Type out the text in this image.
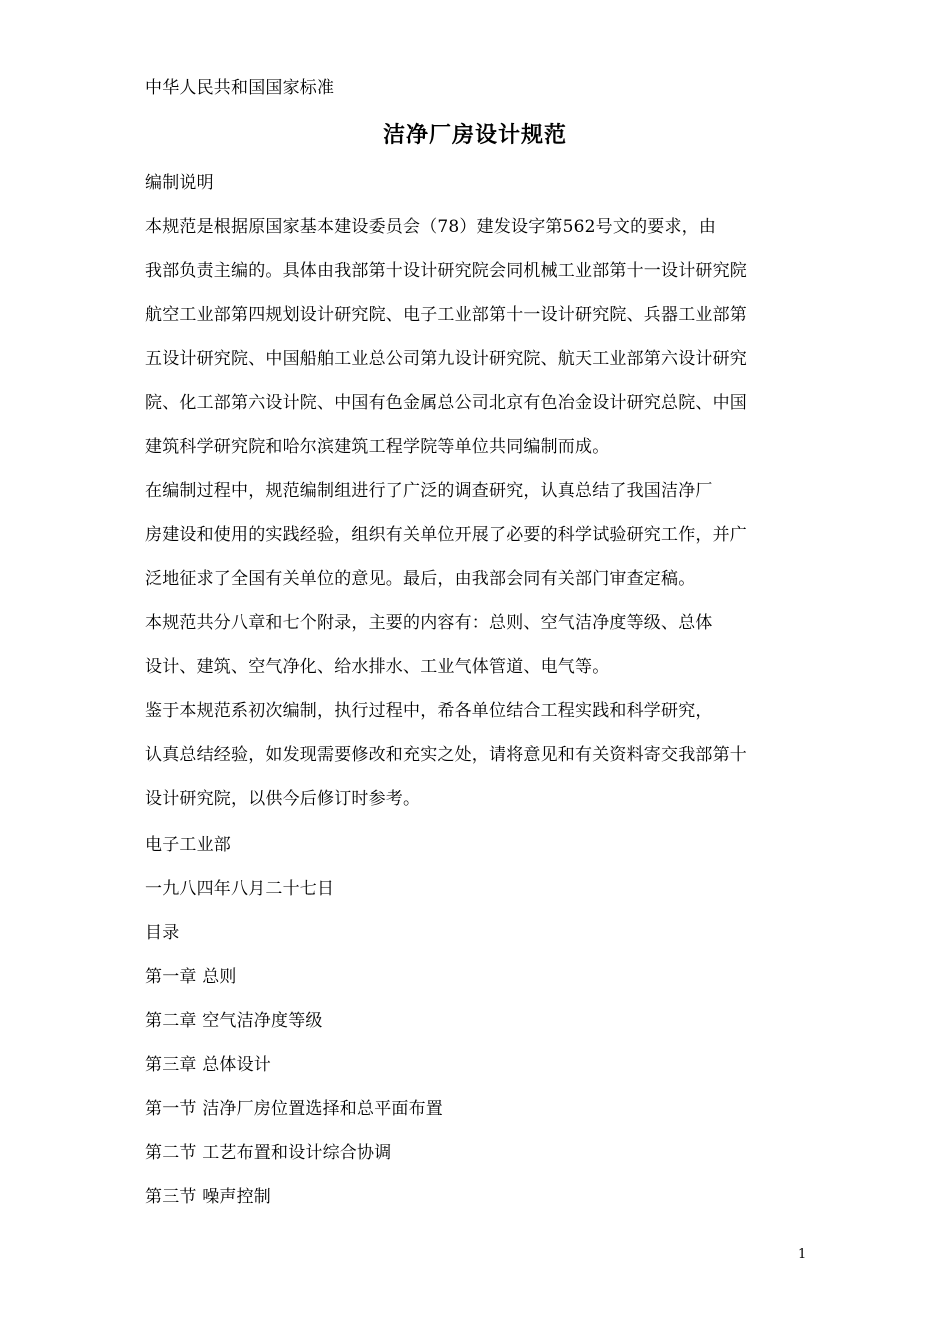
中华人民共和国国家标准
洁净厂房设计规范
编制说明
本规范是根据原国家基本建设委员会（78）建发设字第562号文的要求，由
我部负责主编的。具体由我部第十设计研究院会同机械工业部第十一设计研究院
航空工业部第四规划设计研究院、电子工业部第十一设计研究院、兵器工业部第
五设计研究院、中国船舶工业总公司第九设计研究院、航天工业部第六设计研究
院、化工部第六设计院、中国有色金属总公司北京有色冶金设计研究总院、中国
建筑科学研究院和哈尔滨建筑工程学院等单位共同编制而成。
在编制过程中，规范编制组进行了广泛的调查研究，认真总结了我国洁净厂
房建设和使用的实践经验，组织有关单位开展了必要的科学试验研究工作，并广
泛地征求了全国有关单位的意见。最后，由我部会同有关部门审查定稿。
本规范共分八章和七个附录，主要的内容有：总则、空气洁净度等级、总体
设计、建筑、空气净化、给水排水、工业气体管道、电气等。
鉴于本规范系初次编制，执行过程中，希各单位结合工程实践和科学研究，
认真总结经验，如发现需要修改和充实之处，请将意见和有关资料寄交我部第十
设计研究院，以供今后修订时参考。
电子工业部
一九八四年八月二十七日
目录
第一章 总则
第二章 空气洁净度等级
第三章 总体设计
第一节 洁净厂房位置选择和总平面布置
第二节 工艺布置和设计综合协调
第三节 噪声控制
1
